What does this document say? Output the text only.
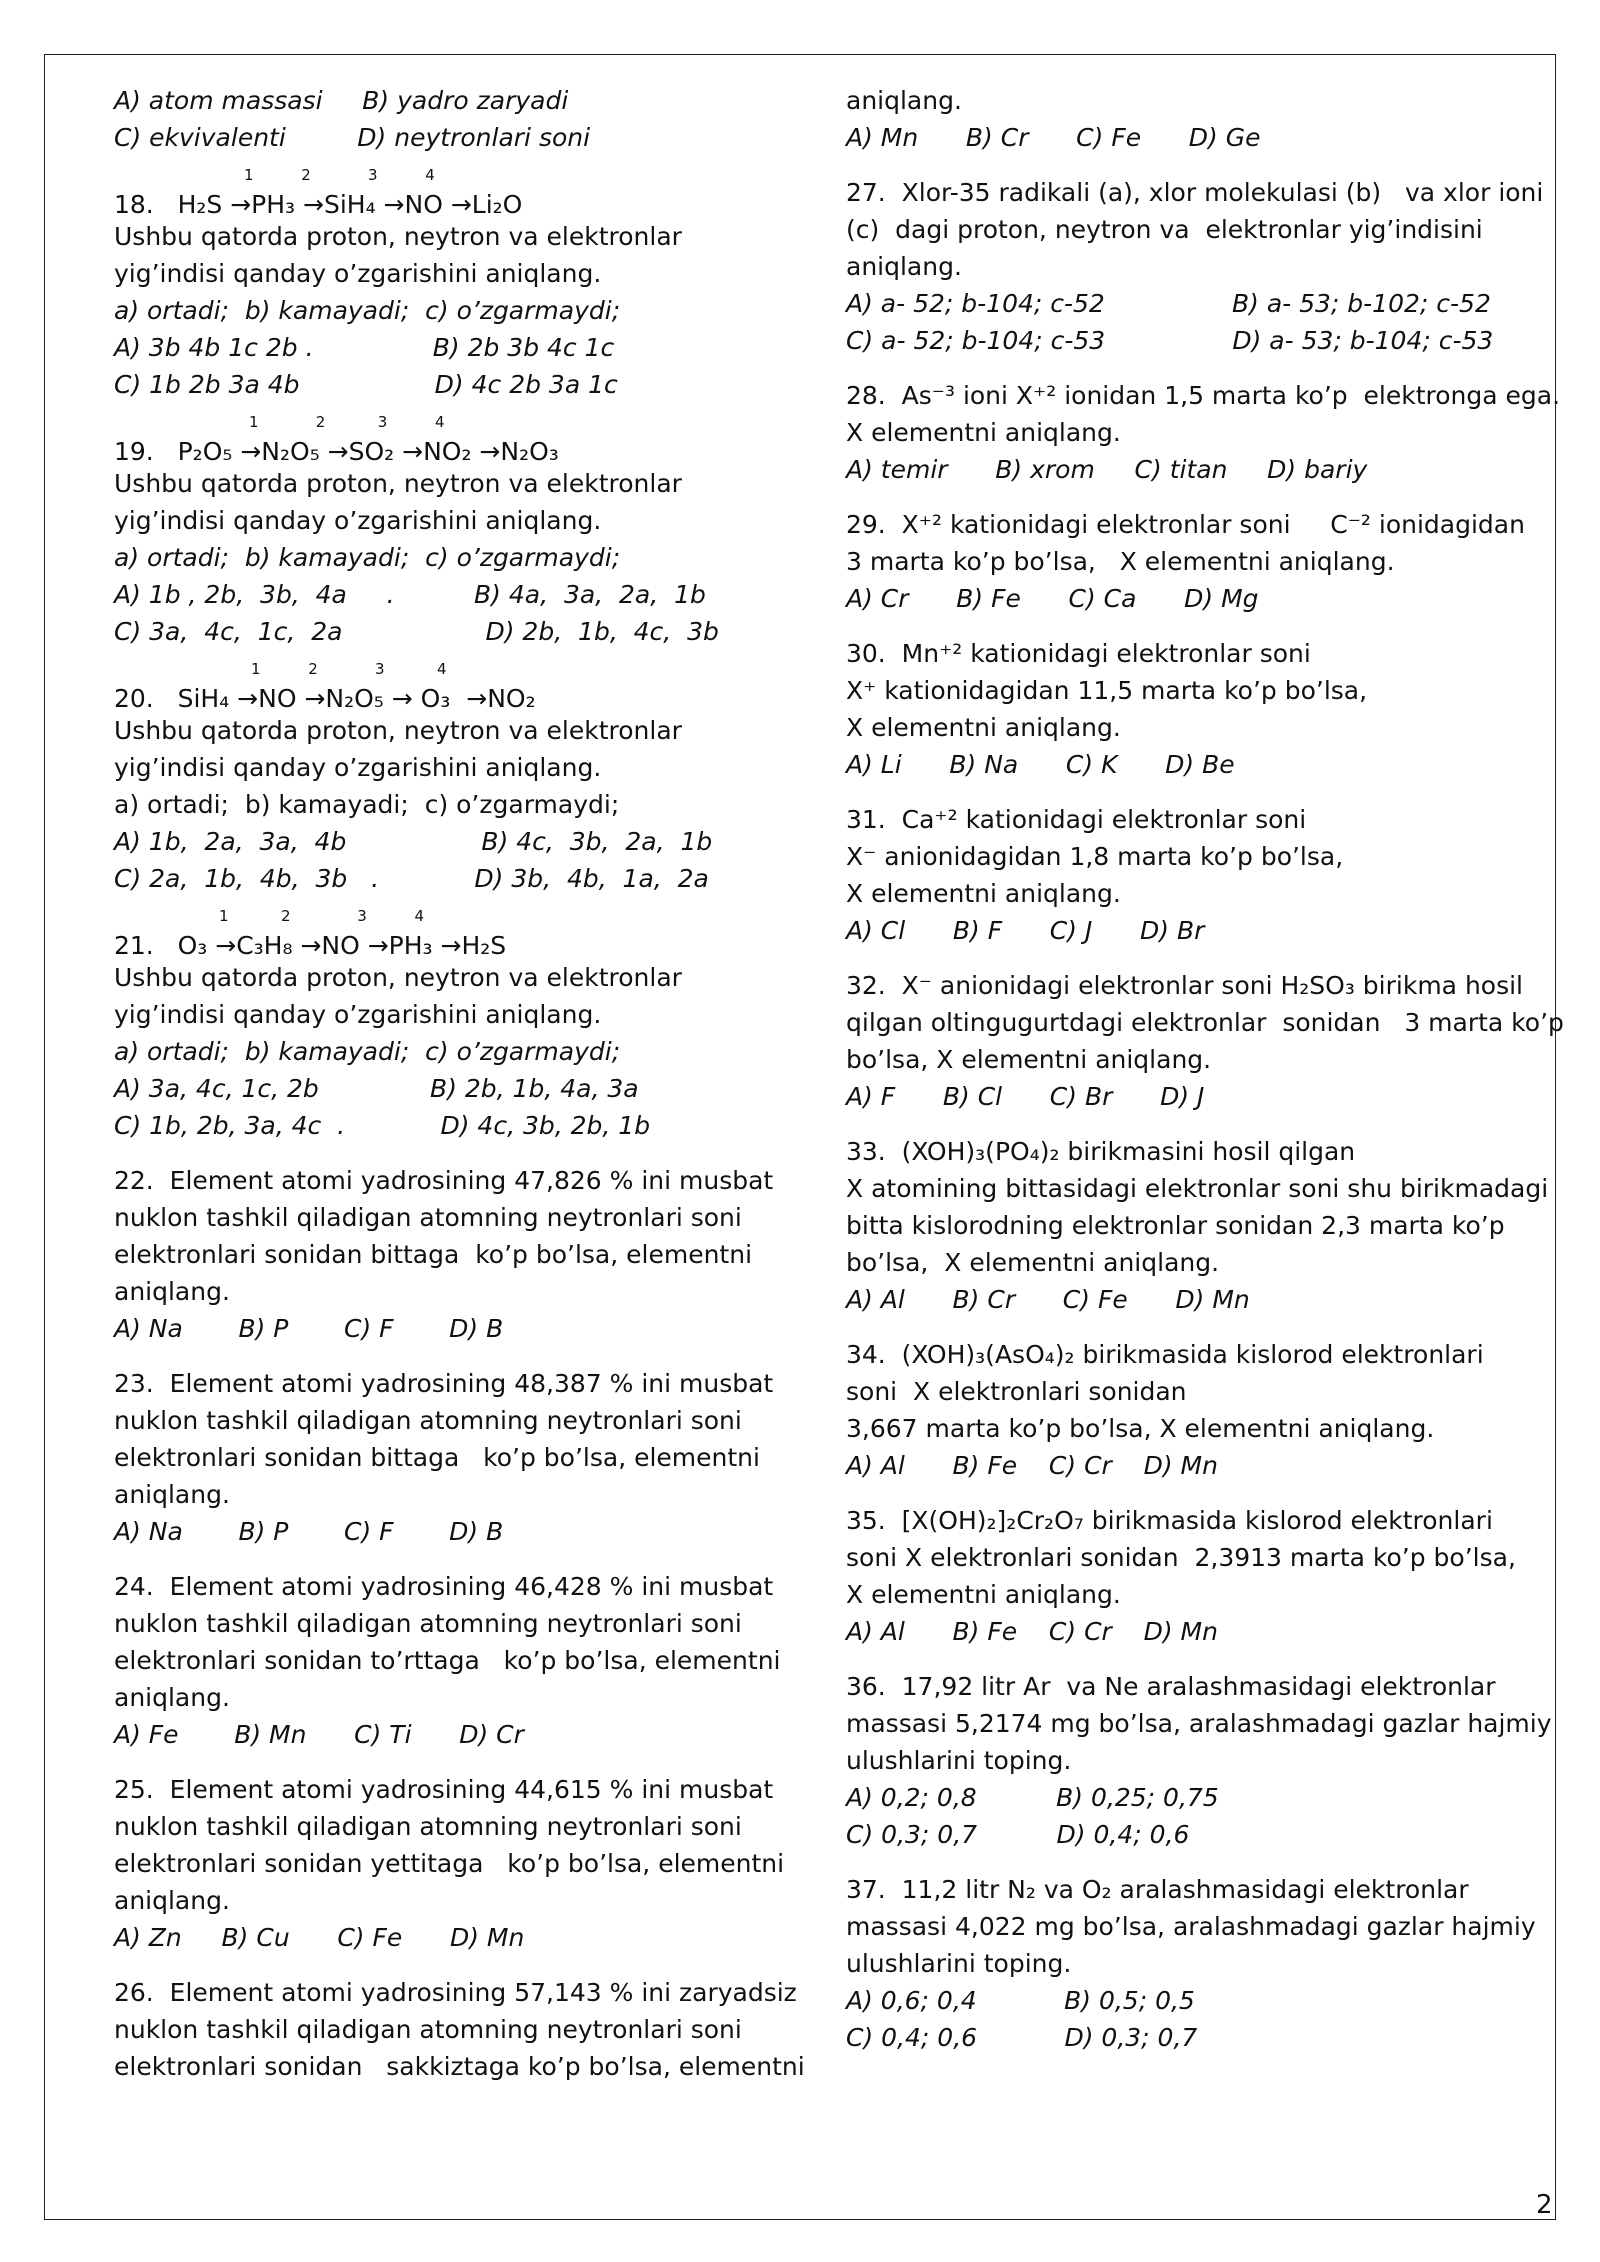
A) atom massasi     B) yadro zaryadi
C) ekvivalenti         D) neytronlari soni
1          2            3          4
18.   H₂S →PH₃ →SiH₄ →NO →Li₂O
Ushbu qatorda proton, neytron va elektronlar
yig’indisi qanday o’zgarishini aniqlang.
a) ortadi;  b) kamayadi;  c) o’zgarmaydi;
A) 3b 4b 1c 2b .               B) 2b 3b 4c 1c
C) 1b 2b 3a 4b                 D) 4c 2b 3a 1c
1            2           3          4
19.   P₂O₅ →N₂O₅ →SO₂ →NO₂ →N₂O₃
Ushbu qatorda proton, neytron va elektronlar
yig’indisi qanday o’zgarishini aniqlang.
a) ortadi;  b) kamayadi;  c) o’zgarmaydi;
A) 1b , 2b,  3b,  4a     .          B) 4a,  3a,  2a,  1b
C) 3a,  4c,  1c,  2a                  D) 2b,  1b,  4c,  3b
1          2            3           4
20.   SiH₄ →NO →N₂O₅ → O₃  →NO₂
Ushbu qatorda proton, neytron va elektronlar
yig’indisi qanday o’zgarishini aniqlang.
a) ortadi;  b) kamayadi;  c) o’zgarmaydi;
A) 1b,  2a,  3a,  4b                 B) 4c,  3b,  2a,  1b
C) 2a,  1b,  4b,  3b   .            D) 3b,  4b,  1a,  2a
1           2              3          4
21.   O₃ →C₃H₈ →NO →PH₃ →H₂S
Ushbu qatorda proton, neytron va elektronlar
yig’indisi qanday o’zgarishini aniqlang.
a) ortadi;  b) kamayadi;  c) o’zgarmaydi;
A) 3a, 4c, 1c, 2b              B) 2b, 1b, 4a, 3a
C) 1b, 2b, 3a, 4c  .            D) 4c, 3b, 2b, 1b
22.  Element atomi yadrosining 47,826 % ini musbat
nuklon tashkil qiladigan atomning neytronlari soni
elektronlari sonidan bittaga  ko’p bo’lsa, elementni
aniqlang.
A) Na       B) P       C) F       D) B
23.  Element atomi yadrosining 48,387 % ini musbat
nuklon tashkil qiladigan atomning neytronlari soni
elektronlari sonidan bittaga   ko’p bo’lsa, elementni
aniqlang.
A) Na       B) P       C) F       D) B
24.  Element atomi yadrosining 46,428 % ini musbat
nuklon tashkil qiladigan atomning neytronlari soni
elektronlari sonidan to’rttaga   ko’p bo’lsa, elementni
aniqlang.
A) Fe       B) Mn      C) Ti      D) Cr
25.  Element atomi yadrosining 44,615 % ini musbat
nuklon tashkil qiladigan atomning neytronlari soni
elektronlari sonidan yettitaga   ko’p bo’lsa, elementni
aniqlang.
A) Zn     B) Cu      C) Fe      D) Mn
26.  Element atomi yadrosining 57,143 % ini zaryadsiz
nuklon tashkil qiladigan atomning neytronlari soni
elektronlari sonidan   sakkiztaga ko’p bo’lsa, elementni
aniqlang.
A) Mn      B) Cr      C) Fe      D) Ge
27.  Xlor-35 radikali (a), xlor molekulasi (b)   va xlor ioni
(c)  dagi proton, neytron va  elektronlar yig’indisini
aniqlang.
A) a- 52; b-104; c-52                B) a- 53; b-102; c-52
C) a- 52; b-104; c-53                D) a- 53; b-104; c-53
28.  As⁻³ ioni X⁺² ionidan 1,5 marta ko’p  elektronga ega.
X elementni aniqlang.
A) temir      B) xrom     C) titan     D) bariy
29.  X⁺² kationidagi elektronlar soni     C⁻² ionidagidan
3 marta ko’p bo’lsa,   X elementni aniqlang.
A) Cr      B) Fe      C) Ca      D) Mg
30.  Mn⁺² kationidagi elektronlar soni
X⁺ kationidagidan 11,5 marta ko’p bo’lsa,
X elementni aniqlang.
A) Li      B) Na      C) K      D) Be
31.  Ca⁺² kationidagi elektronlar soni
X⁻ anionidagidan 1,8 marta ko’p bo’lsa,
X elementni aniqlang.
A) Cl      B) F      C) J      D) Br
32.  X⁻ anionidagi elektronlar soni H₂SO₃ birikma hosil
qilgan oltingugurtdagi elektronlar  sonidan   3 marta ko’p
bo’lsa, X elementni aniqlang.
A) F      B) Cl      C) Br      D) J
33.  (XOH)₃(PO₄)₂ birikmasini hosil qilgan
X atomining bittasidagi elektronlar soni shu birikmadagi
bitta kislorodning elektronlar sonidan 2,3 marta ko’p
bo’lsa,  X elementni aniqlang.
A) Al      B) Cr      C) Fe      D) Mn
34.  (XOH)₃(AsO₄)₂ birikmasida kislorod elektronlari
soni  X elektronlari sonidan
3,667 marta ko’p bo’lsa, X elementni aniqlang.
A) Al      B) Fe    C) Cr    D) Mn
35.  [X(OH)₂]₂Cr₂O₇ birikmasida kislorod elektronlari
soni X elektronlari sonidan  2,3913 marta ko’p bo’lsa,
X elementni aniqlang.
A) Al      B) Fe    C) Cr    D) Mn
36.  17,92 litr Ar  va Ne aralashmasidagi elektronlar
massasi 5,2174 mg bo’lsa, aralashmadagi gazlar hajmiy
ulushlarini toping.
A) 0,2; 0,8          B) 0,25; 0,75
C) 0,3; 0,7          D) 0,4; 0,6
37.  11,2 litr N₂ va O₂ aralashmasidagi elektronlar
massasi 4,022 mg bo’lsa, aralashmadagi gazlar hajmiy
ulushlarini toping.
A) 0,6; 0,4           B) 0,5; 0,5
C) 0,4; 0,6           D) 0,3; 0,7
2
